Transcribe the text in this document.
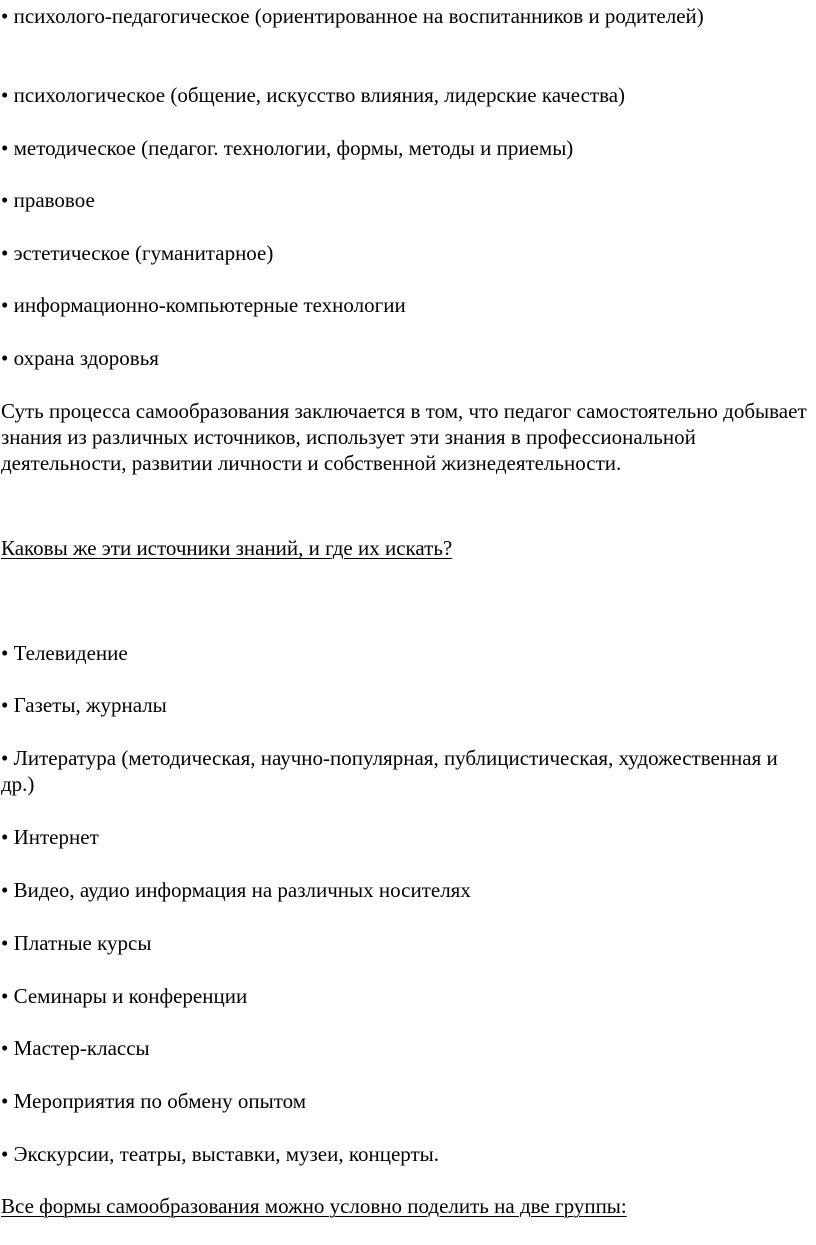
• психолого-педагогическое (ориентированное на воспитанников и родителей)

• психологическое (общение, искусство влияния, лидерские качества)

• методическое (педагог. технологии, формы, методы и приемы)

• правовое

• эстетическое (гуманитарное)

• информационно-компьютерные технологии

• охрана здоровья

Суть процесса самообразования заключается в том, что педагог самостоятельно добывает знания из различных источников, использует эти знания в профессиональной деятельности, развитии личности и собственной жизнедеятельности.

Каковы же эти источники знаний, и где их искать?

• Телевидение

• Газеты, журналы

• Литература (методическая, научно-популярная, публицистическая, художественная и др.)

• Интернет

• Видео, аудио информация на различных носителях

• Платные курсы

• Семинары и конференции

• Мастер-классы

• Мероприятия по обмену опытом

• Экскурсии, театры, выставки, музеи, концерты.

Все формы самообразования можно условно поделить на две группы:
